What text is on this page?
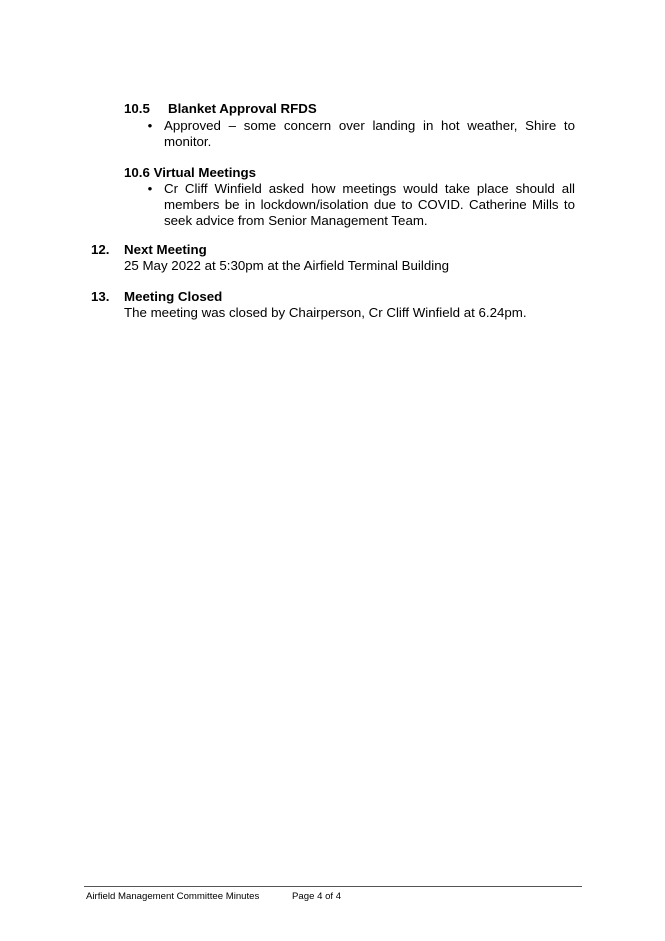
10.5 Blanket Approval RFDS
• Approved – some concern over landing in hot weather, Shire to monitor.
10.6 Virtual Meetings
• Cr Cliff Winfield asked how meetings would take place should all members be in lockdown/isolation due to COVID. Catherine Mills to seek advice from Senior Management Team.
12. Next Meeting
25 May 2022 at 5:30pm at the Airfield Terminal Building
13. Meeting Closed
The meeting was closed by Chairperson, Cr Cliff Winfield at 6.24pm.
Airfield Management Committee Minutes	Page 4 of 4
